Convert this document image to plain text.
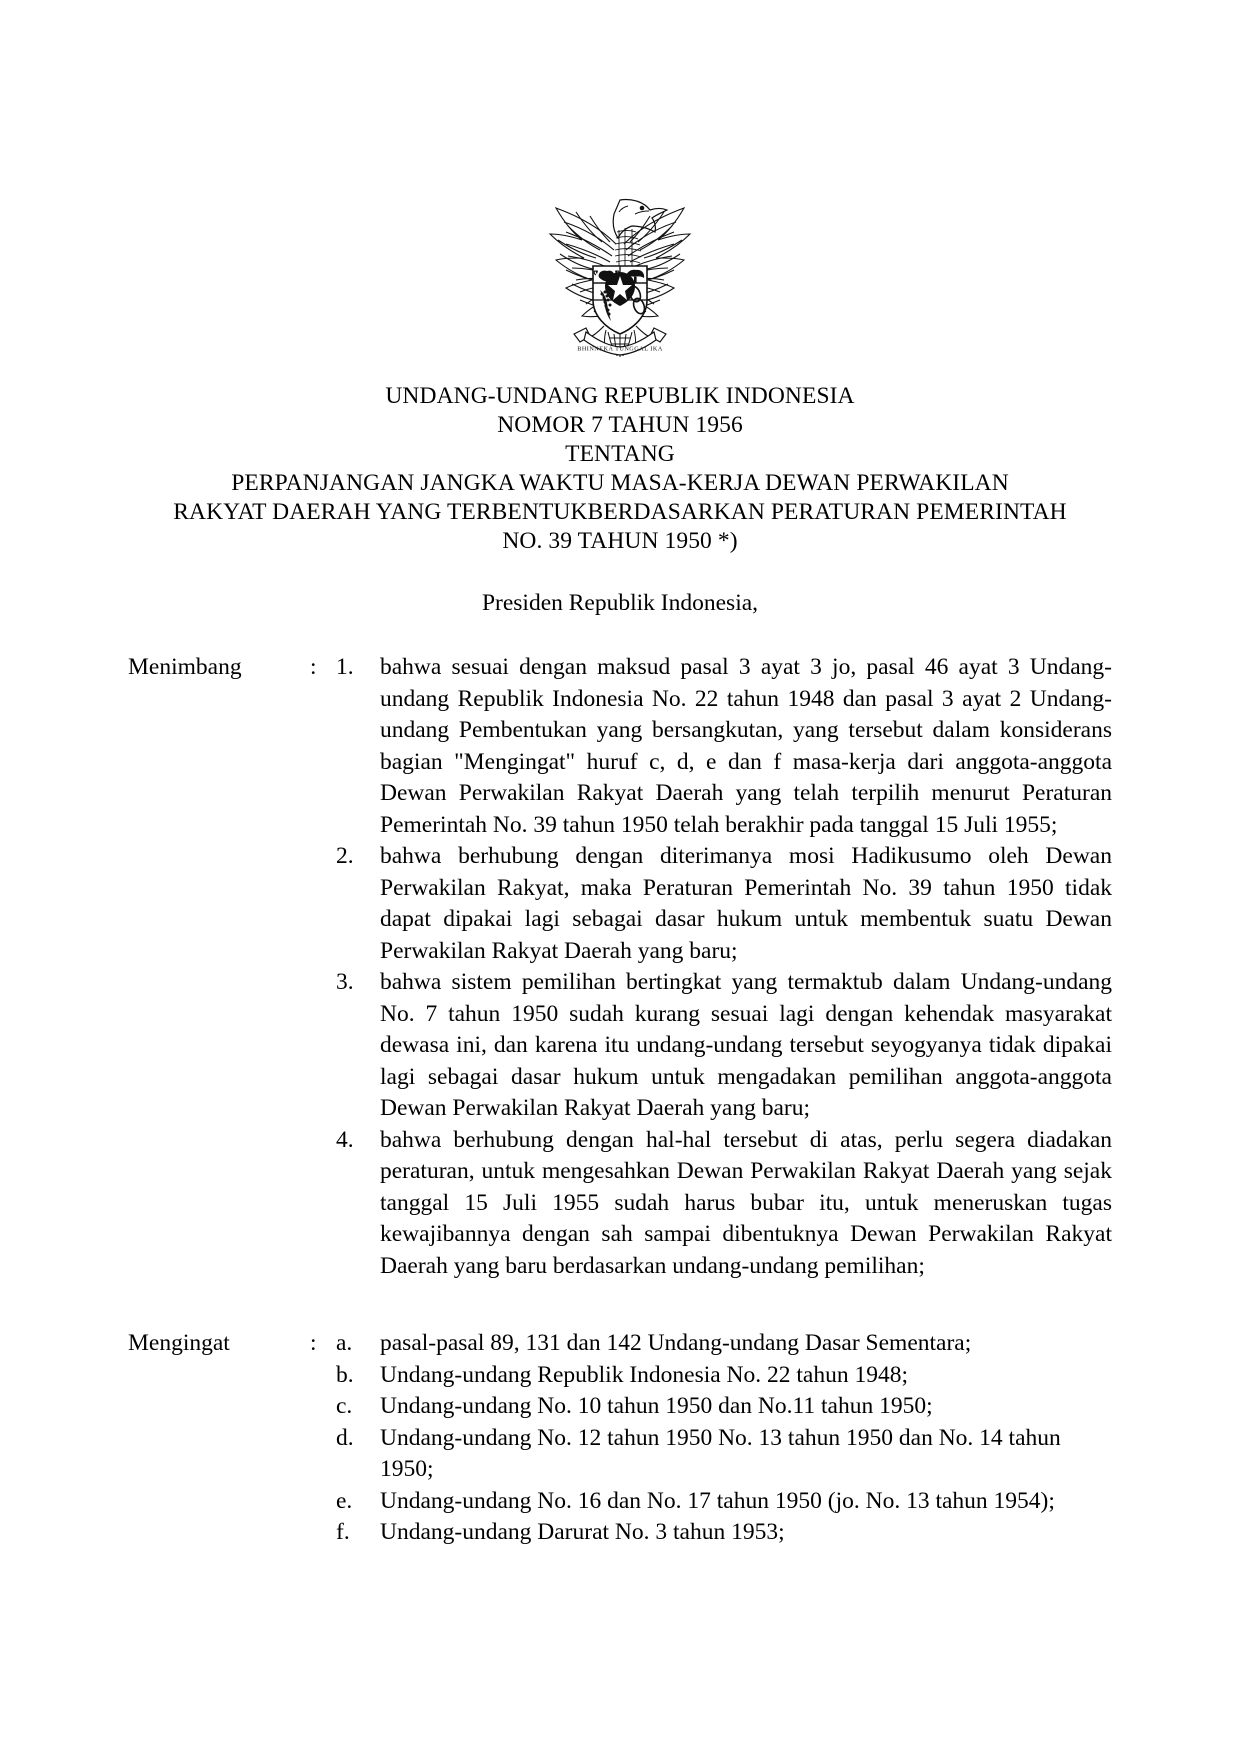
BHINNEKA TUNGGAL IKA
UNDANG-UNDANG REPUBLIK INDONESIA
NOMOR 7 TAHUN 1956
TENTANG
PERPANJANGAN JANGKA WAKTU MASA-KERJA DEWAN PERWAKILAN
RAKYAT DAERAH YANG TERBENTUKBERDASARKAN PERATURAN PEMERINTAH
NO. 39 TAHUN 1950 *)
Presiden Republik Indonesia,
Menimbang	: 1.	bahwa sesuai dengan maksud pasal 3 ayat 3 jo, pasal 46 ayat 3 Undang-undang Republik Indonesia No. 22 tahun 1948 dan pasal 3 ayat 2 Undang-undang Pembentukan yang bersangkutan, yang tersebut dalam konsiderans bagian "Mengingat" huruf c, d, e dan f masa-kerja dari anggota-anggota Dewan Perwakilan Rakyat Daerah yang telah terpilih menurut Peraturan Pemerintah No. 39 tahun 1950 telah berakhir pada tanggal 15 Juli 1955;
2.	bahwa berhubung dengan diterimanya mosi Hadikusumo oleh Dewan Perwakilan Rakyat, maka Peraturan Pemerintah No. 39 tahun 1950 tidak dapat dipakai lagi sebagai dasar hukum untuk membentuk suatu Dewan Perwakilan Rakyat Daerah yang baru;
3.	bahwa sistem pemilihan bertingkat yang termaktub dalam Undang-undang No. 7 tahun 1950 sudah kurang sesuai lagi dengan kehendak masyarakat dewasa ini, dan karena itu undang-undang tersebut seyogyanya tidak dipakai lagi sebagai dasar hukum untuk mengadakan pemilihan anggota-anggota Dewan Perwakilan Rakyat Daerah yang baru;
4.	bahwa berhubung dengan hal-hal tersebut di atas, perlu segera diadakan peraturan, untuk mengesahkan Dewan Perwakilan Rakyat Daerah yang sejak tanggal 15 Juli 1955 sudah harus bubar itu, untuk meneruskan tugas kewajibannya dengan sah sampai dibentuknya Dewan Perwakilan Rakyat Daerah yang baru berdasarkan undang-undang pemilihan;
Mengingat	: a.	pasal-pasal 89, 131 dan 142 Undang-undang Dasar Sementara;
b.	Undang-undang Republik Indonesia No. 22 tahun 1948;
c.	Undang-undang No. 10 tahun 1950 dan No.11 tahun 1950;
d.	Undang-undang No. 12 tahun 1950 No. 13 tahun 1950 dan No. 14 tahun 1950;
e.	Undang-undang No. 16 dan No. 17 tahun 1950 (jo. No. 13 tahun 1954);
f.	Undang-undang Darurat No. 3 tahun 1953;
